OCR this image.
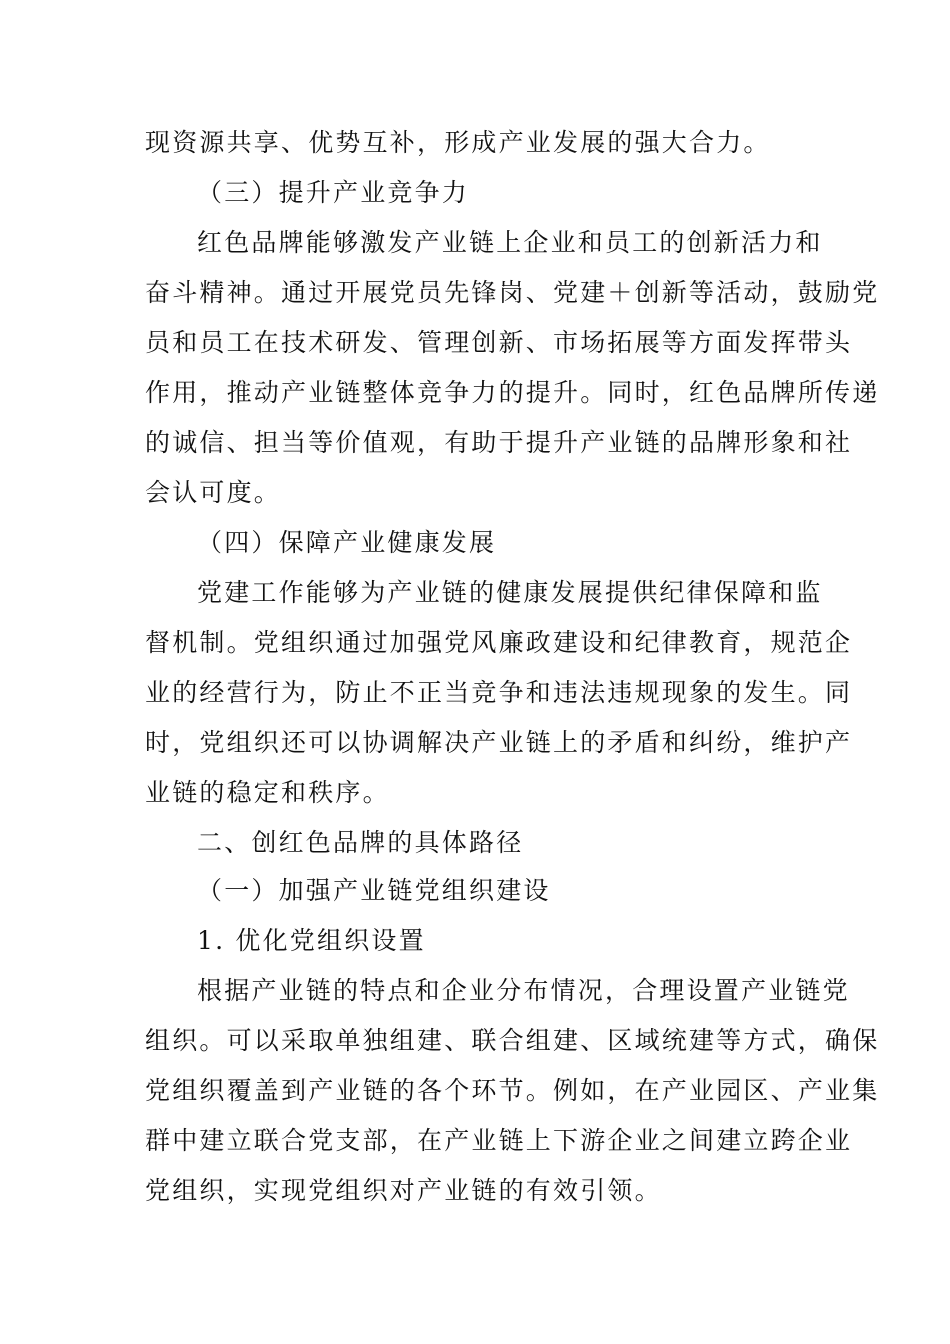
现资源共享、优势互补，形成产业发展的强大合力。
（三）提升产业竞争力
红色品牌能够激发产业链上企业和员工的创新活力和
奋斗精神。通过开展党员先锋岗、党建＋创新等活动，鼓励党
员和员工在技术研发、管理创新、市场拓展等方面发挥带头
作用，推动产业链整体竞争力的提升。同时，红色品牌所传递
的诚信、担当等价值观，有助于提升产业链的品牌形象和社
会认可度。
（四）保障产业健康发展
党建工作能够为产业链的健康发展提供纪律保障和监
督机制。党组织通过加强党风廉政建设和纪律教育，规范企
业的经营行为，防止不正当竞争和违法违规现象的发生。同
时，党组织还可以协调解决产业链上的矛盾和纠纷，维护产
业链的稳定和秩序。
二、创红色品牌的具体路径
（一）加强产业链党组织建设
1. 优化党组织设置
根据产业链的特点和企业分布情况，合理设置产业链党
组织。可以采取单独组建、联合组建、区域统建等方式，确保
党组织覆盖到产业链的各个环节。例如，在产业园区、产业集
群中建立联合党支部，在产业链上下游企业之间建立跨企业
党组织，实现党组织对产业链的有效引领。
